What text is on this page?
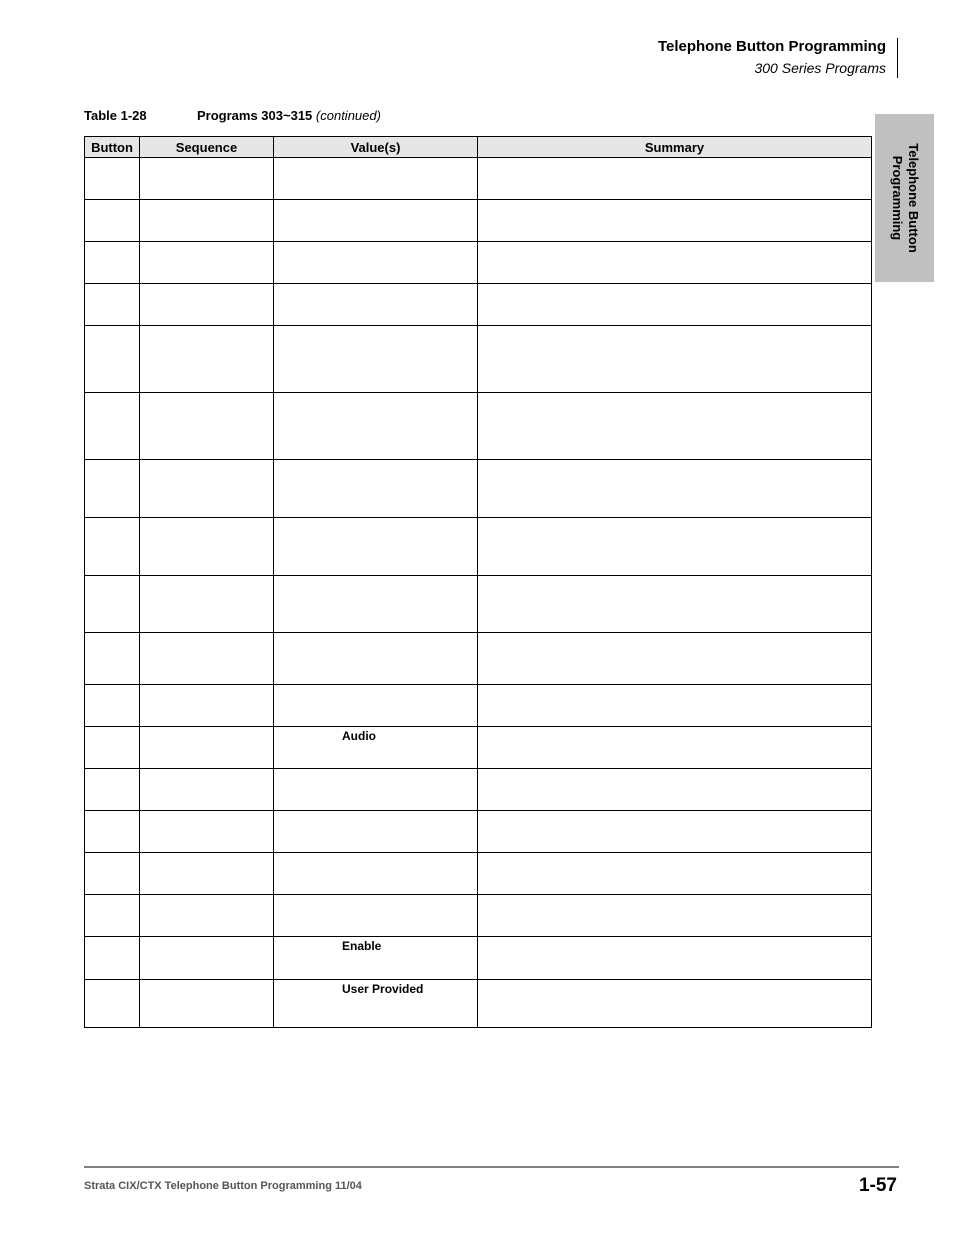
Telephone Button Programming
300 Series Programs
Telephone Button
Programming
Table 1-28	Programs 303~315 (continued)
Button	Sequence	Value(s)	Summary

		Audio	

		Enable	
		User Provided	
Strata CIX/CTX Telephone Button Programming 11/04	1-57
